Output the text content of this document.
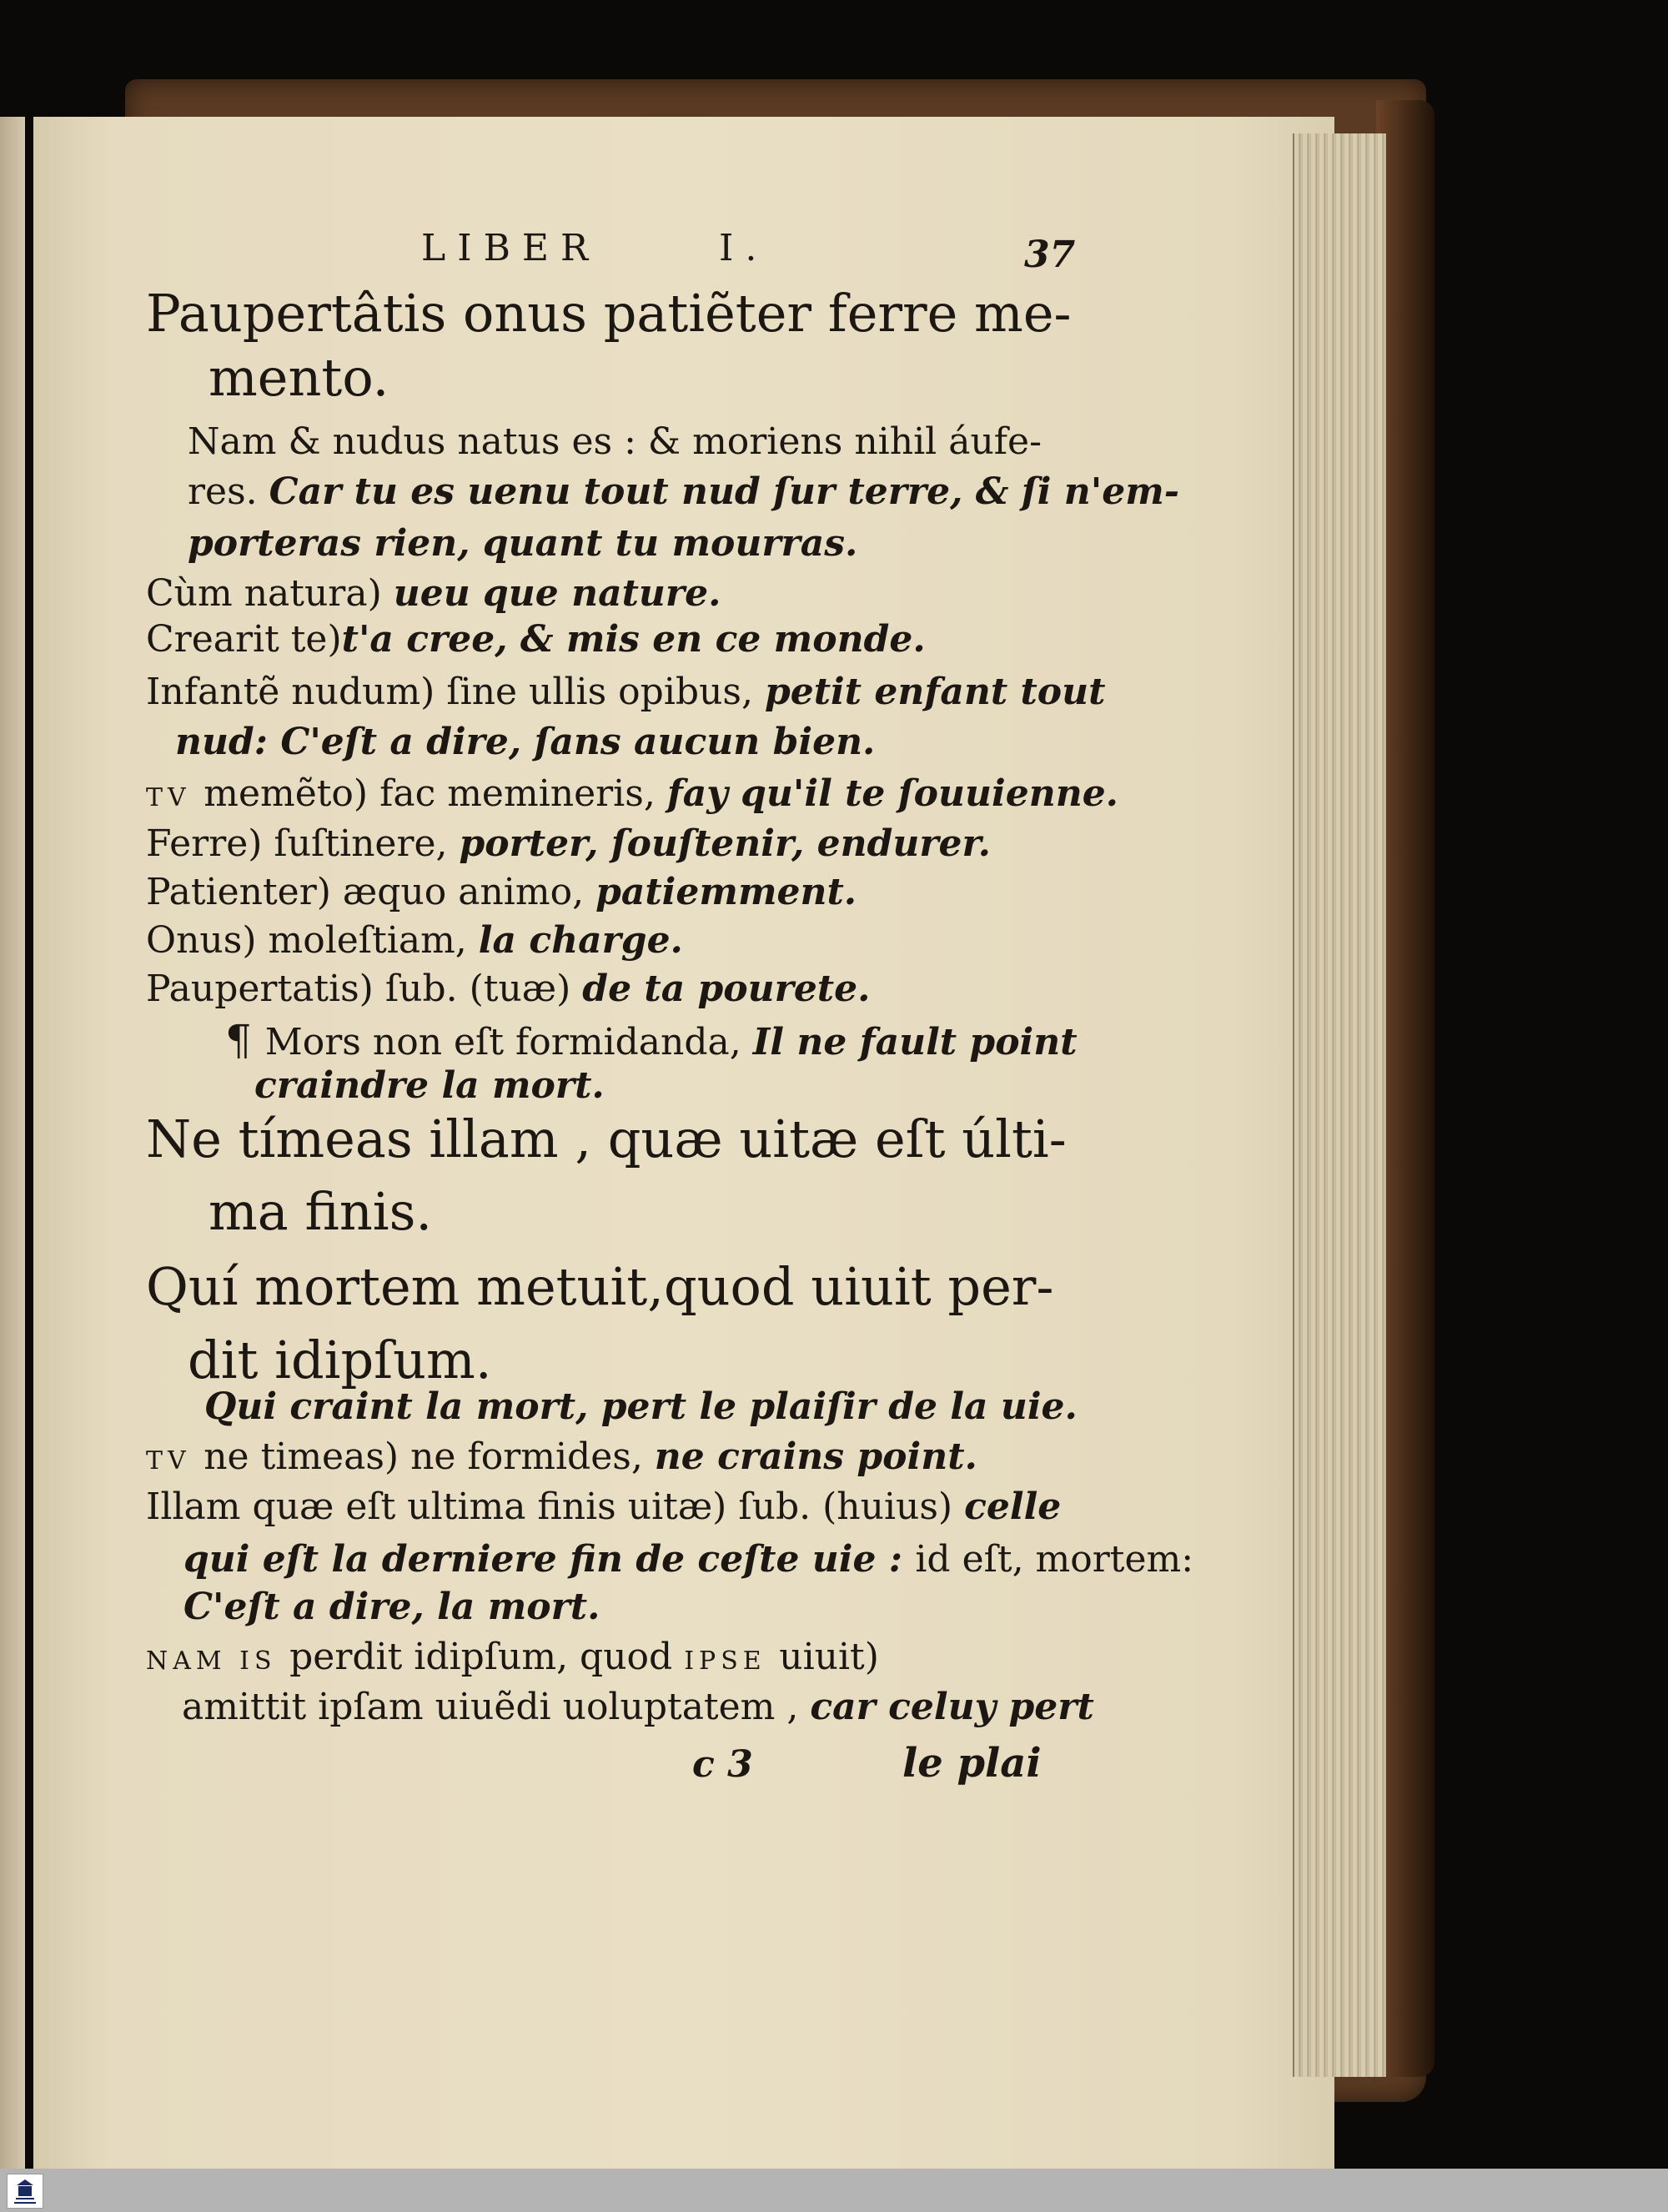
LIBER	I.	37
Paupertâtis onus patiẽter ferre me-
mento.
Nam & nudus natus es : & moriens nihil áufe-
res. Car tu es uenu tout nud ſur terre, & ſi n'em-
porteras rien, quant tu mourras.
Cùm natura) ueu que nature.
Crearit te)t'a cree, & mis en ce monde.
Infantẽ nudum) ſine ullis opibus, petit enfant tout
nud: C'eſt a dire, ſans aucun bien.
TV memẽto) fac memineris, fay qu'il te ſouuienne.
Ferre) ſuſtinere, porter, ſouſtenir, endurer.
Patienter) æquo animo, patiemment.
Onus) moleſtiam, la charge.
Paupertatis) ſub. (tuæ) de ta pourete.
¶ Mors non eſt formidanda, Il ne fault point
craindre la mort.
Ne tímeas illam , quæ uitæ eſt últi-
ma finis.
Quí mortem metuit,quod uiuit per-
dit idipſum.
Qui craint la mort, pert le plaiſir de la uie.
TV ne timeas) ne formides, ne crains point.
Illam quæ eſt ultima finis uitæ) ſub. (huius) celle
qui eſt la derniere fin de ceſte uie : id eſt, mortem:
C'eſt a dire, la mort.
NAM IS perdit idipſum, quod IPSE uiuit)
amittit ipſam uiuẽdi uoluptatem , car celuy pert
c 3	le plai
